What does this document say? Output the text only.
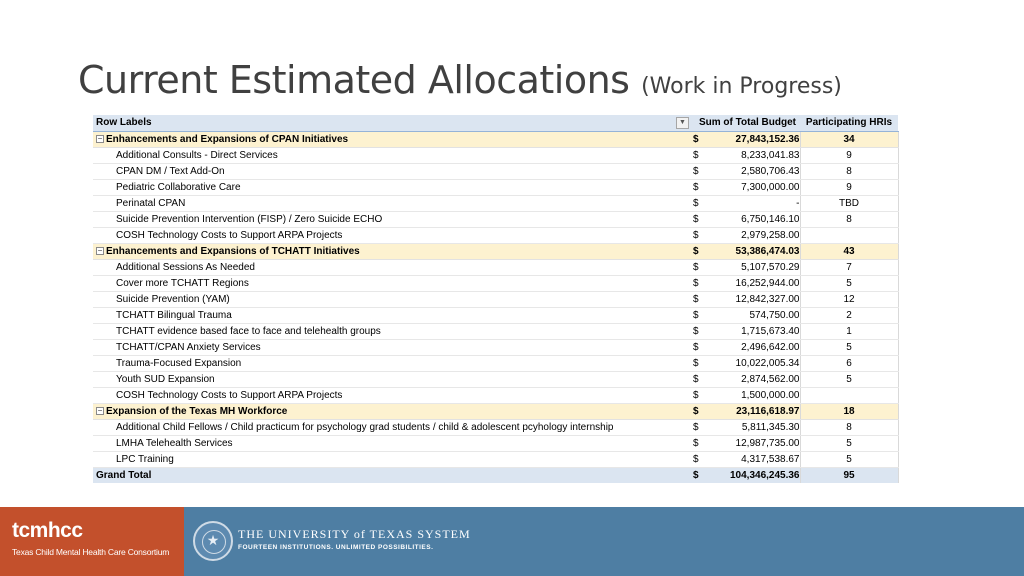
Current Estimated Allocations (Work in Progress)
Row Labels ▼	Sum of Total Budget		Participating HRIs
− Enhancements and Expansions of CPAN Initiatives	$	27,843,152.36	34
Additional Consults - Direct Services	$	8,233,041.83	9
CPAN DM / Text Add-On	$	2,580,706.43	8
Pediatric Collaborative Care	$	7,300,000.00	9
Perinatal CPAN	$	-	TBD
Suicide Prevention Intervention (FISP) / Zero Suicide ECHO	$	6,750,146.10	8
COSH Technology Costs to Support ARPA Projects	$	2,979,258.00	
− Enhancements and Expansions of TCHATT Initiatives	$	53,386,474.03	43
Additional Sessions As Needed	$	5,107,570.29	7
Cover more TCHATT Regions	$	16,252,944.00	5
Suicide Prevention (YAM)	$	12,842,327.00	12
TCHATT Bilingual Trauma	$	574,750.00	2
TCHATT evidence based face to face and telehealth groups	$	1,715,673.40	1
TCHATT/CPAN Anxiety Services	$	2,496,642.00	5
Trauma-Focused Expansion	$	10,022,005.34	6
Youth SUD Expansion	$	2,874,562.00	5
COSH Technology Costs to Support ARPA Projects	$	1,500,000.00	
− Expansion of the Texas MH Workforce	$	23,116,618.97	18
Additional Child Fellows / Child practicum for psychology grad students / child & adolescent pcyhology internship	$	5,811,345.30	8
LMHA Telehealth Services	$	12,987,735.00	5
LPC Training	$	4,317,538.67	5
Grand Total	$	104,346,245.36	95
tcmhcc
Texas Child Mental Health Care Consortium
★	THE UNIVERSITY of TEXAS SYSTEM
FOURTEEN INSTITUTIONS. UNLIMITED POSSIBILITIES.
